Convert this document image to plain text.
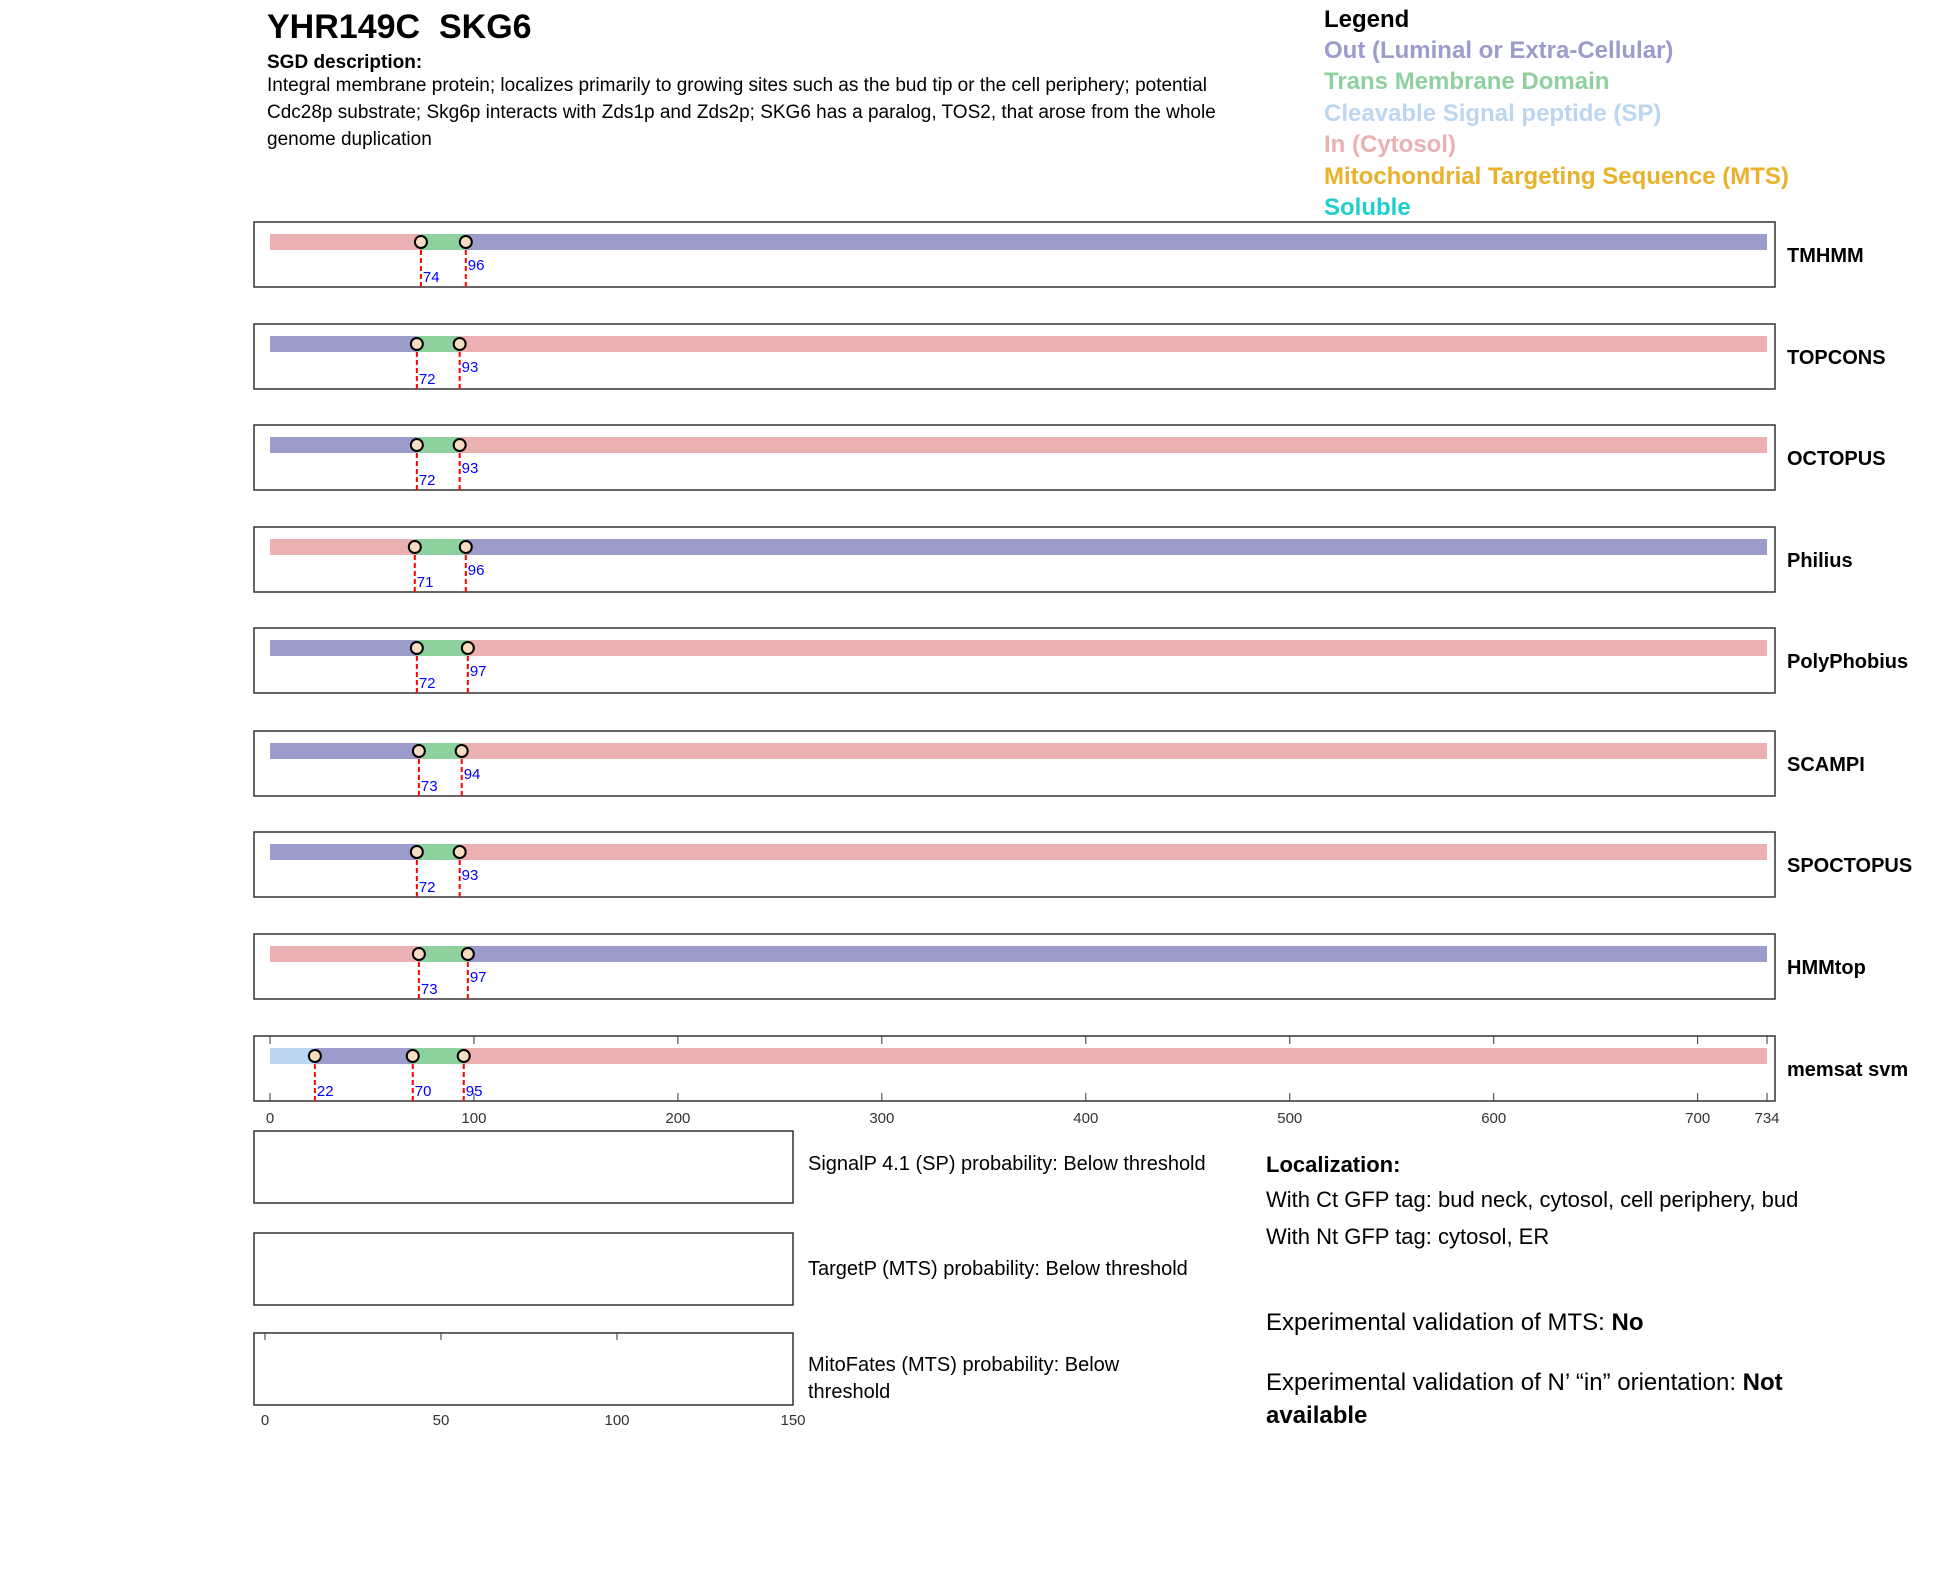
YHR149C  SKG6
SGD description:
Integral membrane protein; localizes primarily to growing sites such as the bud tip or the cell periphery; potential Cdc28p substrate; Skg6p interacts with Zds1p and Zds2p; SKG6 has a paralog, TOS2, that arose from the whole genome duplication
Legend
Out (Luminal or Extra-Cellular)
Trans Membrane Domain
Cleavable Signal peptide (SP)
In (Cytosol)
Mitochondrial Targeting Sequence (MTS)
Soluble
74
96	TMHMM
72
93	TOPCONS
72
93	OCTOPUS
71
96	Philius
72
97	PolyPhobius
73
94	SCAMPI
72
93	SPOCTOPUS
73
97	HMMtop
0	100	200	300	400	500	600	700	734
22	70 95
memsat svm
0	50	100	150
SignalP 4.1 (SP) probability: Below threshold
TargetP (MTS) probability: Below threshold
MitoFates (MTS) probability: Below threshold
Localization:
With Ct GFP tag: bud neck, cytosol, cell periphery, bud
With Nt GFP tag: cytosol, ER
Experimental validation of MTS: No
Experimental validation of N’ “in” orientation: Not available
